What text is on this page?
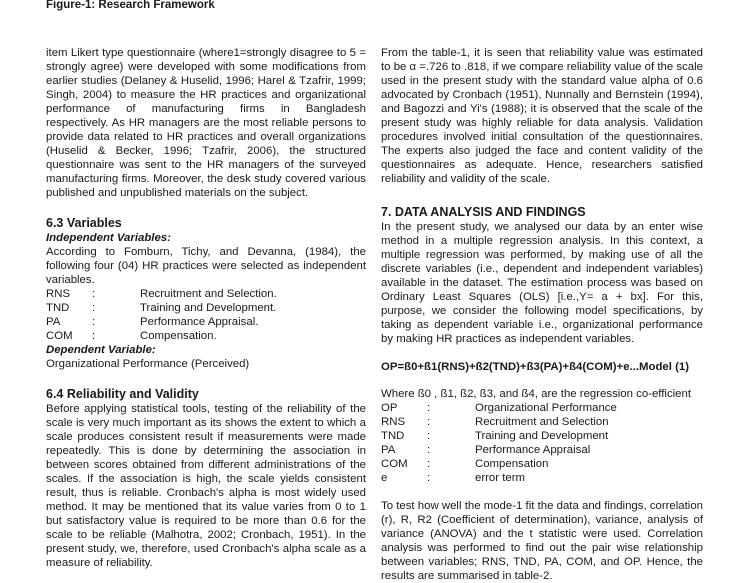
Figure-1: Research Framework

item Likert type questionnaire (where1=strongly disagree to 5 = strongly agree) were developed with some modifications from earlier studies (Delaney & Huselid, 1996; Harel & Tzafrir, 1999; Singh, 2004) to measure the HR practices and organizational performance of manufacturing firms in Bangladesh respectively. As HR managers are the most reliable persons to provide data related to HR practices and overall organizations (Huselid & Becker, 1996; Tzafrir, 2006), the structured questionnaire was sent to the HR managers of the surveyed manufacturing firms. Moreover, the desk study covered various published and unpublished materials on the subject.

6.3 Variables

Independent Variables:

According to Fomburn, Tichy, and Devanna, (1984), the following four (04) HR practices were selected as independent variables.

RNS	:	Recruitment and Selection.
TND	:	Training and Development.
PA	:	Performance Appraisal.
COM	:	Compensation.

Dependent Variable:

Organizational Performance (Perceived)

6.4 Reliability and Validity

Before applying statistical tools, testing of the reliability of the scale is very much important as its shows the extent to which a scale produces consistent result if measurements were made repeatedly. This is done by determining the association in between scores obtained from different administrations of the scales. If the association is high, the scale yields consistent result, thus is reliable. Cronbach's alpha is most widely used method. It may be mentioned that its value varies from 0 to 1 but satisfactory value is required to be more than 0.6 for the scale to be reliable (Malhotra, 2002; Cronbach, 1951). In the present study, we, therefore, used Cronbach's alpha scale as a measure of reliability.

From the table-1, it is seen that reliability value was estimated to be α =.726 to .818, if we compare reliability value of the scale used in the present study with the standard value alpha of 0.6 advocated by Cronbach (1951), Nunnally and Bernstein (1994), and Bagozzi and Yi's (1988); it is observed that the scale of the present study was highly reliable for data analysis. Validation procedures involved initial consultation of the questionnaires. The experts also judged the face and content validity of the questionnaires as adequate. Hence, researchers satisfied reliability and validity of the scale.

7. DATA ANALYSIS AND FINDINGS

In the present study, we analysed our data by an enter wise method in a multiple regression analysis. In this context, a multiple regression was performed, by making use of all the discrete variables (i.e., dependent and independent variables) available in the dataset. The estimation process was based on Ordinary Least Squares (OLS) [i.e.,Y= a + bx]. For this, purpose, we consider the following model specifications, by taking as dependent variable i.e., organizational performance by making HR practices as independent variables.

OP=ß0+ß1(RNS)+ß2(TND)+ß3(PA)+ß4(COM)+e...Model (1)

Where ß0 , ß1, ß2, ß3, and ß4, are the regression co-efficient

OP	:	Organizational Performance
RNS	:	Recruitment and Selection
TND	:	Training and Development
PA	:	Performance Appraisal
COM	:	Compensation
e	:	error term

To test how well the mode-1 fit the data and findings, correlation (r), R, R2 (Coefficient of determination), variance, analysis of variance (ANOVA) and the t statistic were used. Correlation analysis was performed to find out the pair wise relationship between variables; RNS, TND, PA, COM, and OP. Hence, the results are summarised in table-2.
